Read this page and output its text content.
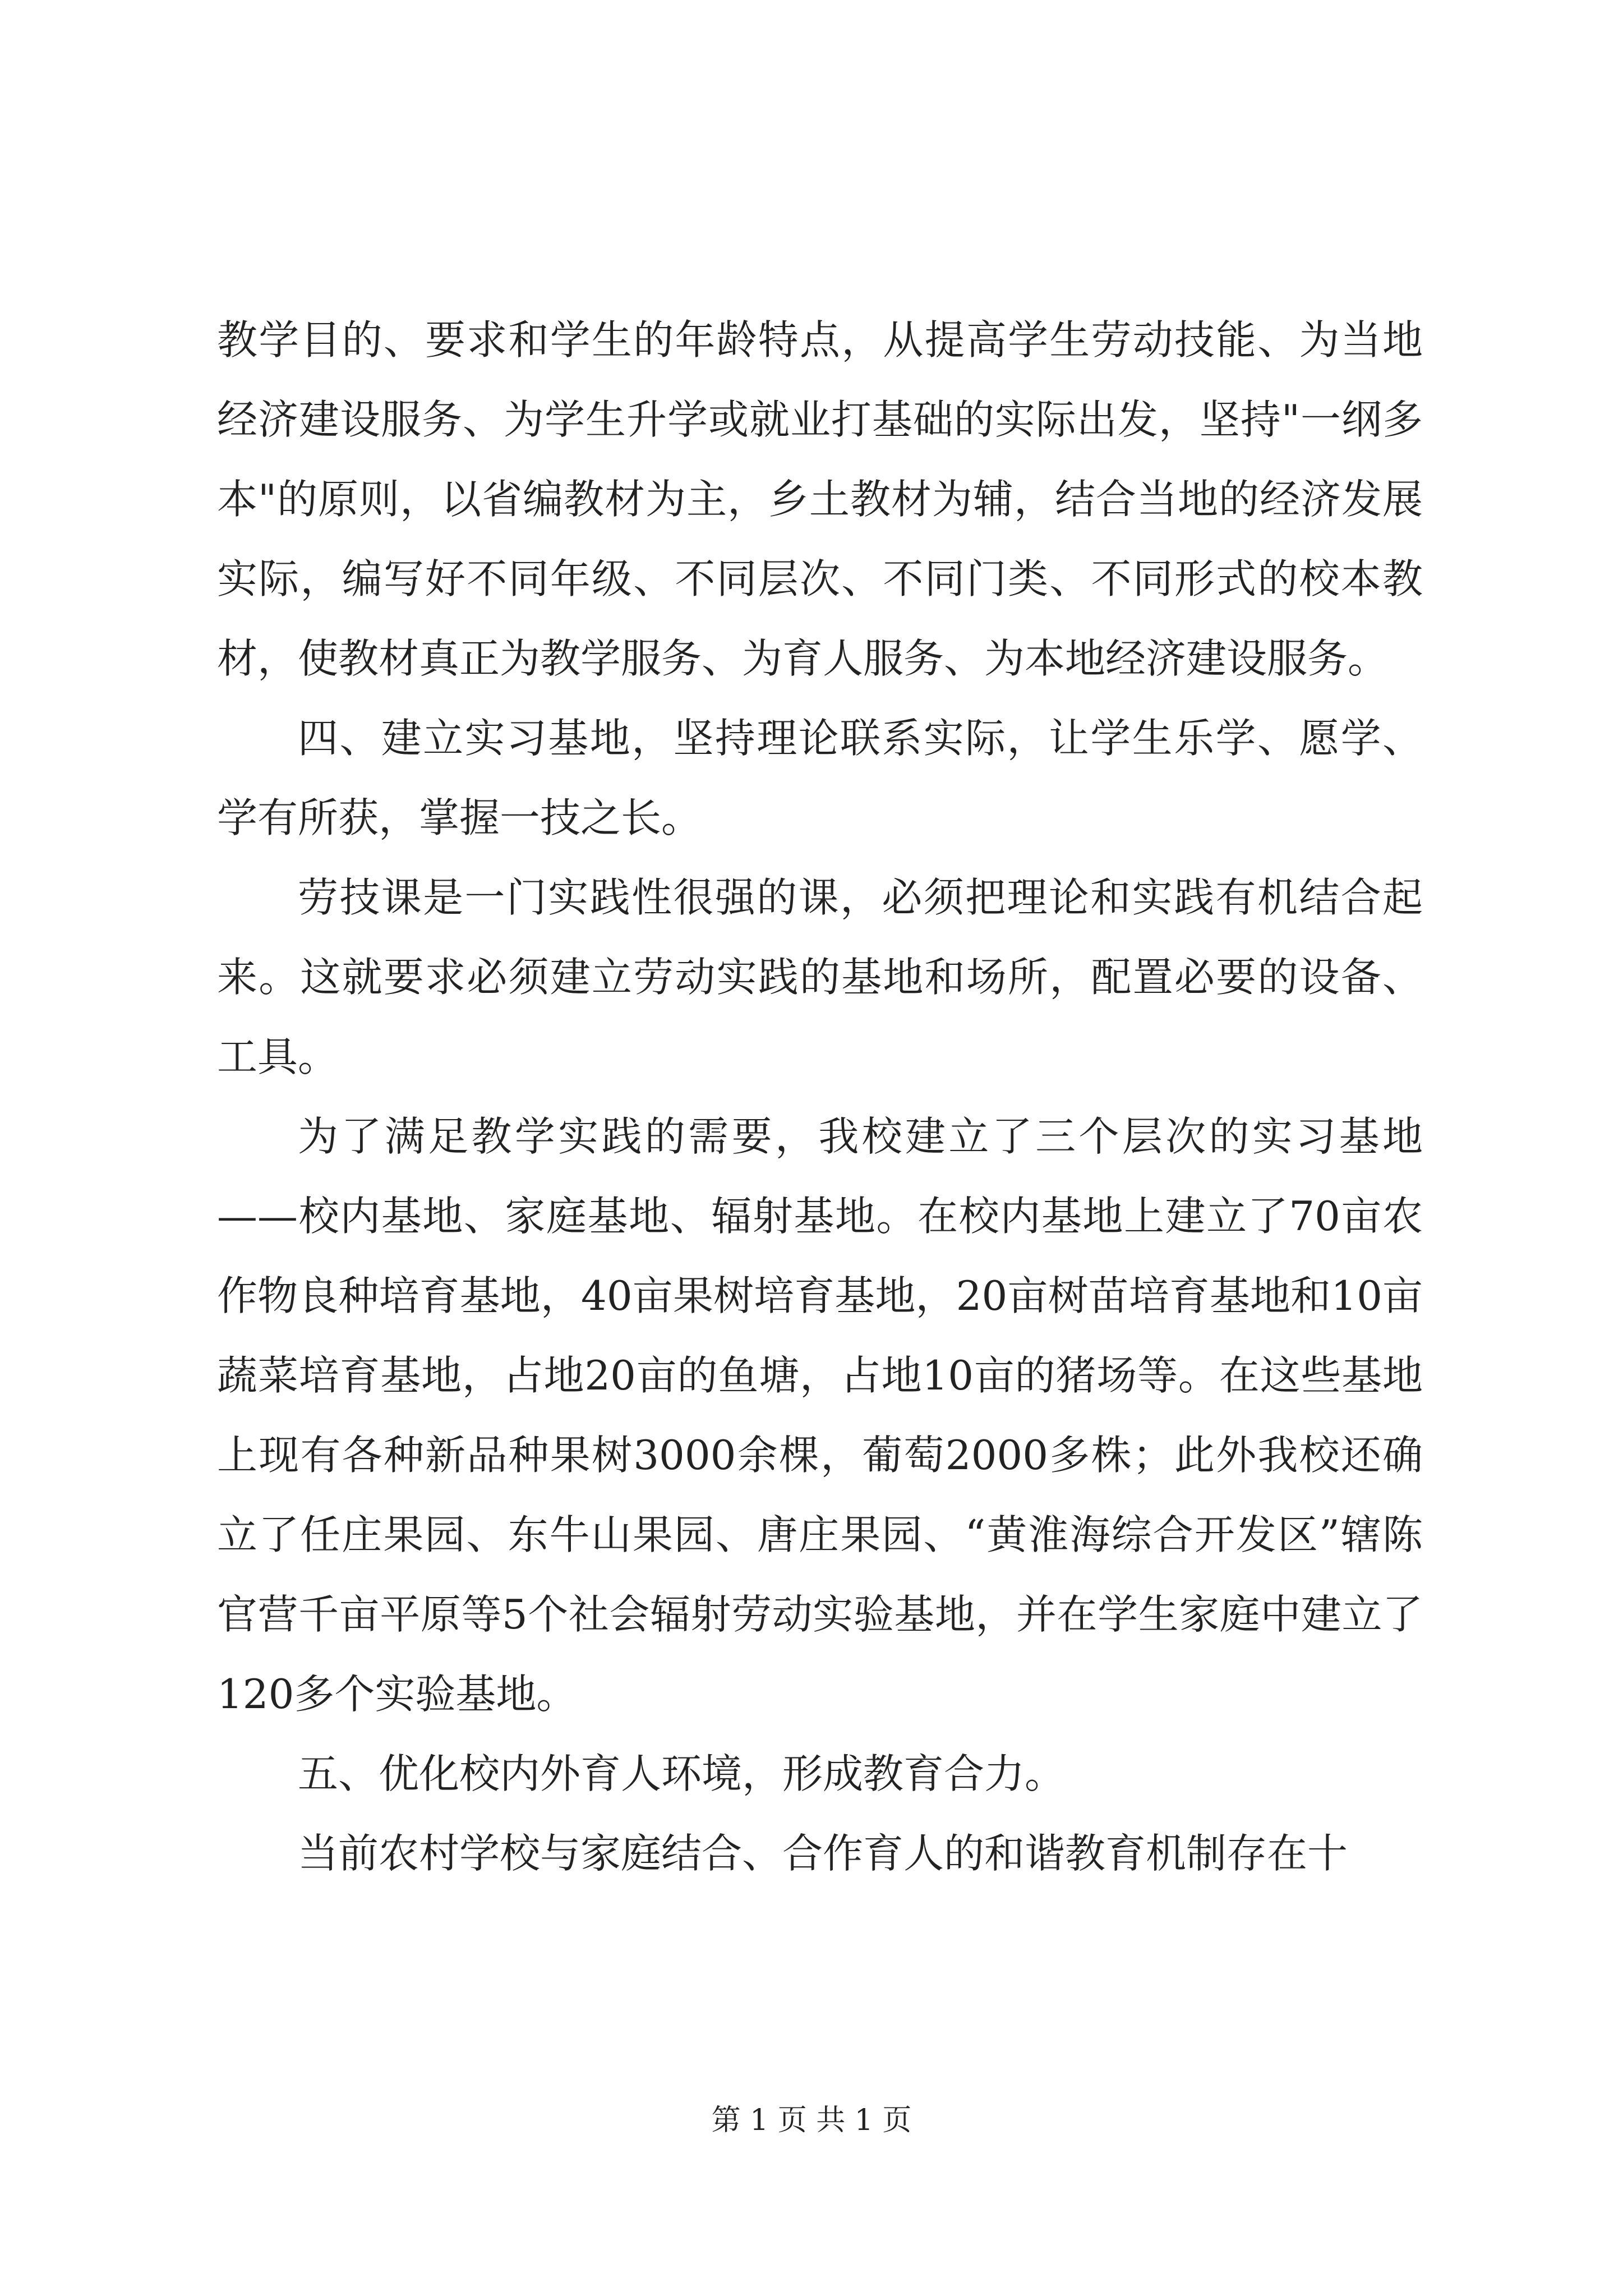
教学目的、要求和学生的年龄特点，从提高学生劳动技能、为当地经济建设服务、为学生升学或就业打基础的实际出发，坚持"一纲多本"的原则，以省编教材为主，乡土教材为辅，结合当地的经济发展实际，编写好不同年级、不同层次、不同门类、不同形式的校本教材，使教材真正为教学服务、为育人服务、为本地经济建设服务。

四、建立实习基地，坚持理论联系实际，让学生乐学、愿学、学有所获，掌握一技之长。

劳技课是一门实践性很强的课，必须把理论和实践有机结合起来。这就要求必须建立劳动实践的基地和场所，配置必要的设备、工具。

为了满足教学实践的需要，我校建立了三个层次的实习基地——校内基地、家庭基地、辐射基地。在校内基地上建立了70亩农作物良种培育基地，40亩果树培育基地，20亩树苗培育基地和10亩蔬菜培育基地，占地20亩的鱼塘，占地10亩的猪场等。在这些基地上现有各种新品种果树3000余棵，葡萄2000多株；此外我校还确立了任庄果园、东牛山果园、唐庄果园、“黄淮海综合开发区”辖陈官营千亩平原等5个社会辐射劳动实验基地，并在学生家庭中建立了120多个实验基地。

五、优化校内外育人环境，形成教育合力。

当前农村学校与家庭结合、合作育人的和谐教育机制存在十

第 1 页 共 1 页
